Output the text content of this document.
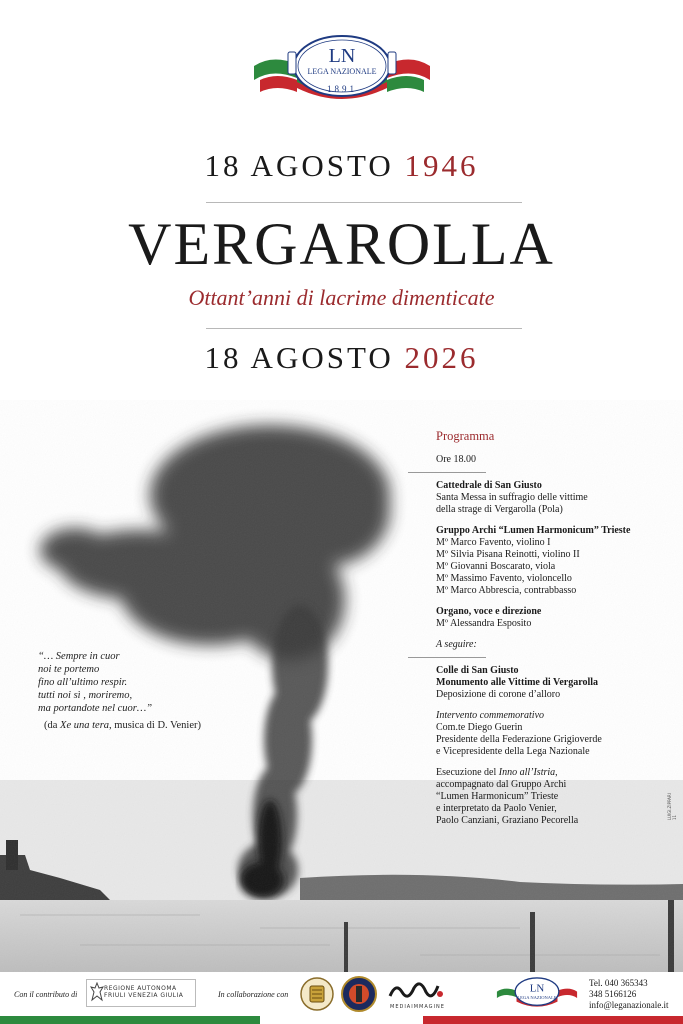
LN
LEGA NAZIONALE
1891
18 AGOSTO 1946
VERGAROLLA
Ottant’anni di lacrime dimenticate
18 AGOSTO 2026
“… Sempre in cuor
noi te portemo
fino all’ultimo respir.
tutti noi sì , moriremo,
ma portandote nel cuor…”
(da Xe una tera, musica di D. Venier)
Programma
Ore 18.00
Cattedrale di San Giusto
Santa Messa in suffragio delle vittime
della strage di Vergarolla (Pola)
Gruppo Archi “Lumen Harmonicum” Trieste
Mº Marco Favento, violino I
Mº Silvia Pisana Reinotti, violino II
Mº Giovanni Boscarato, viola
Mº Massimo Favento, violoncello
Mº Marco Abbrescia, contrabbasso
Organo, voce e direzione
Mº Alessandra Esposito
A seguire:
Colle di San Giusto
Monumento alle Vittime di Vergarolla
Deposizione di corone d’alloro
Intervento commemorativo
Com.te Diego Guerin
Presidente della Federazione Grigioverde
e Vicepresidente della Lega Nazionale
Esecuzione del Inno all’Istria,
accompagnato dal Gruppo Archi
“Lumen Harmonicum” Trieste
e interpretato da Paolo Venier,
Paolo Canziani, Graziano Pecorella
LUIGI.ZIPPARI 11
Con il contributo di
REGIONE AUTONOMA
FRIULI VENEZIA GIULIA	In collaborazione con
MEDIAIMMAGINE
LN
LEGA NAZIONALE
Tel. 040 365343
348 5166126
info@leganazionale.it
